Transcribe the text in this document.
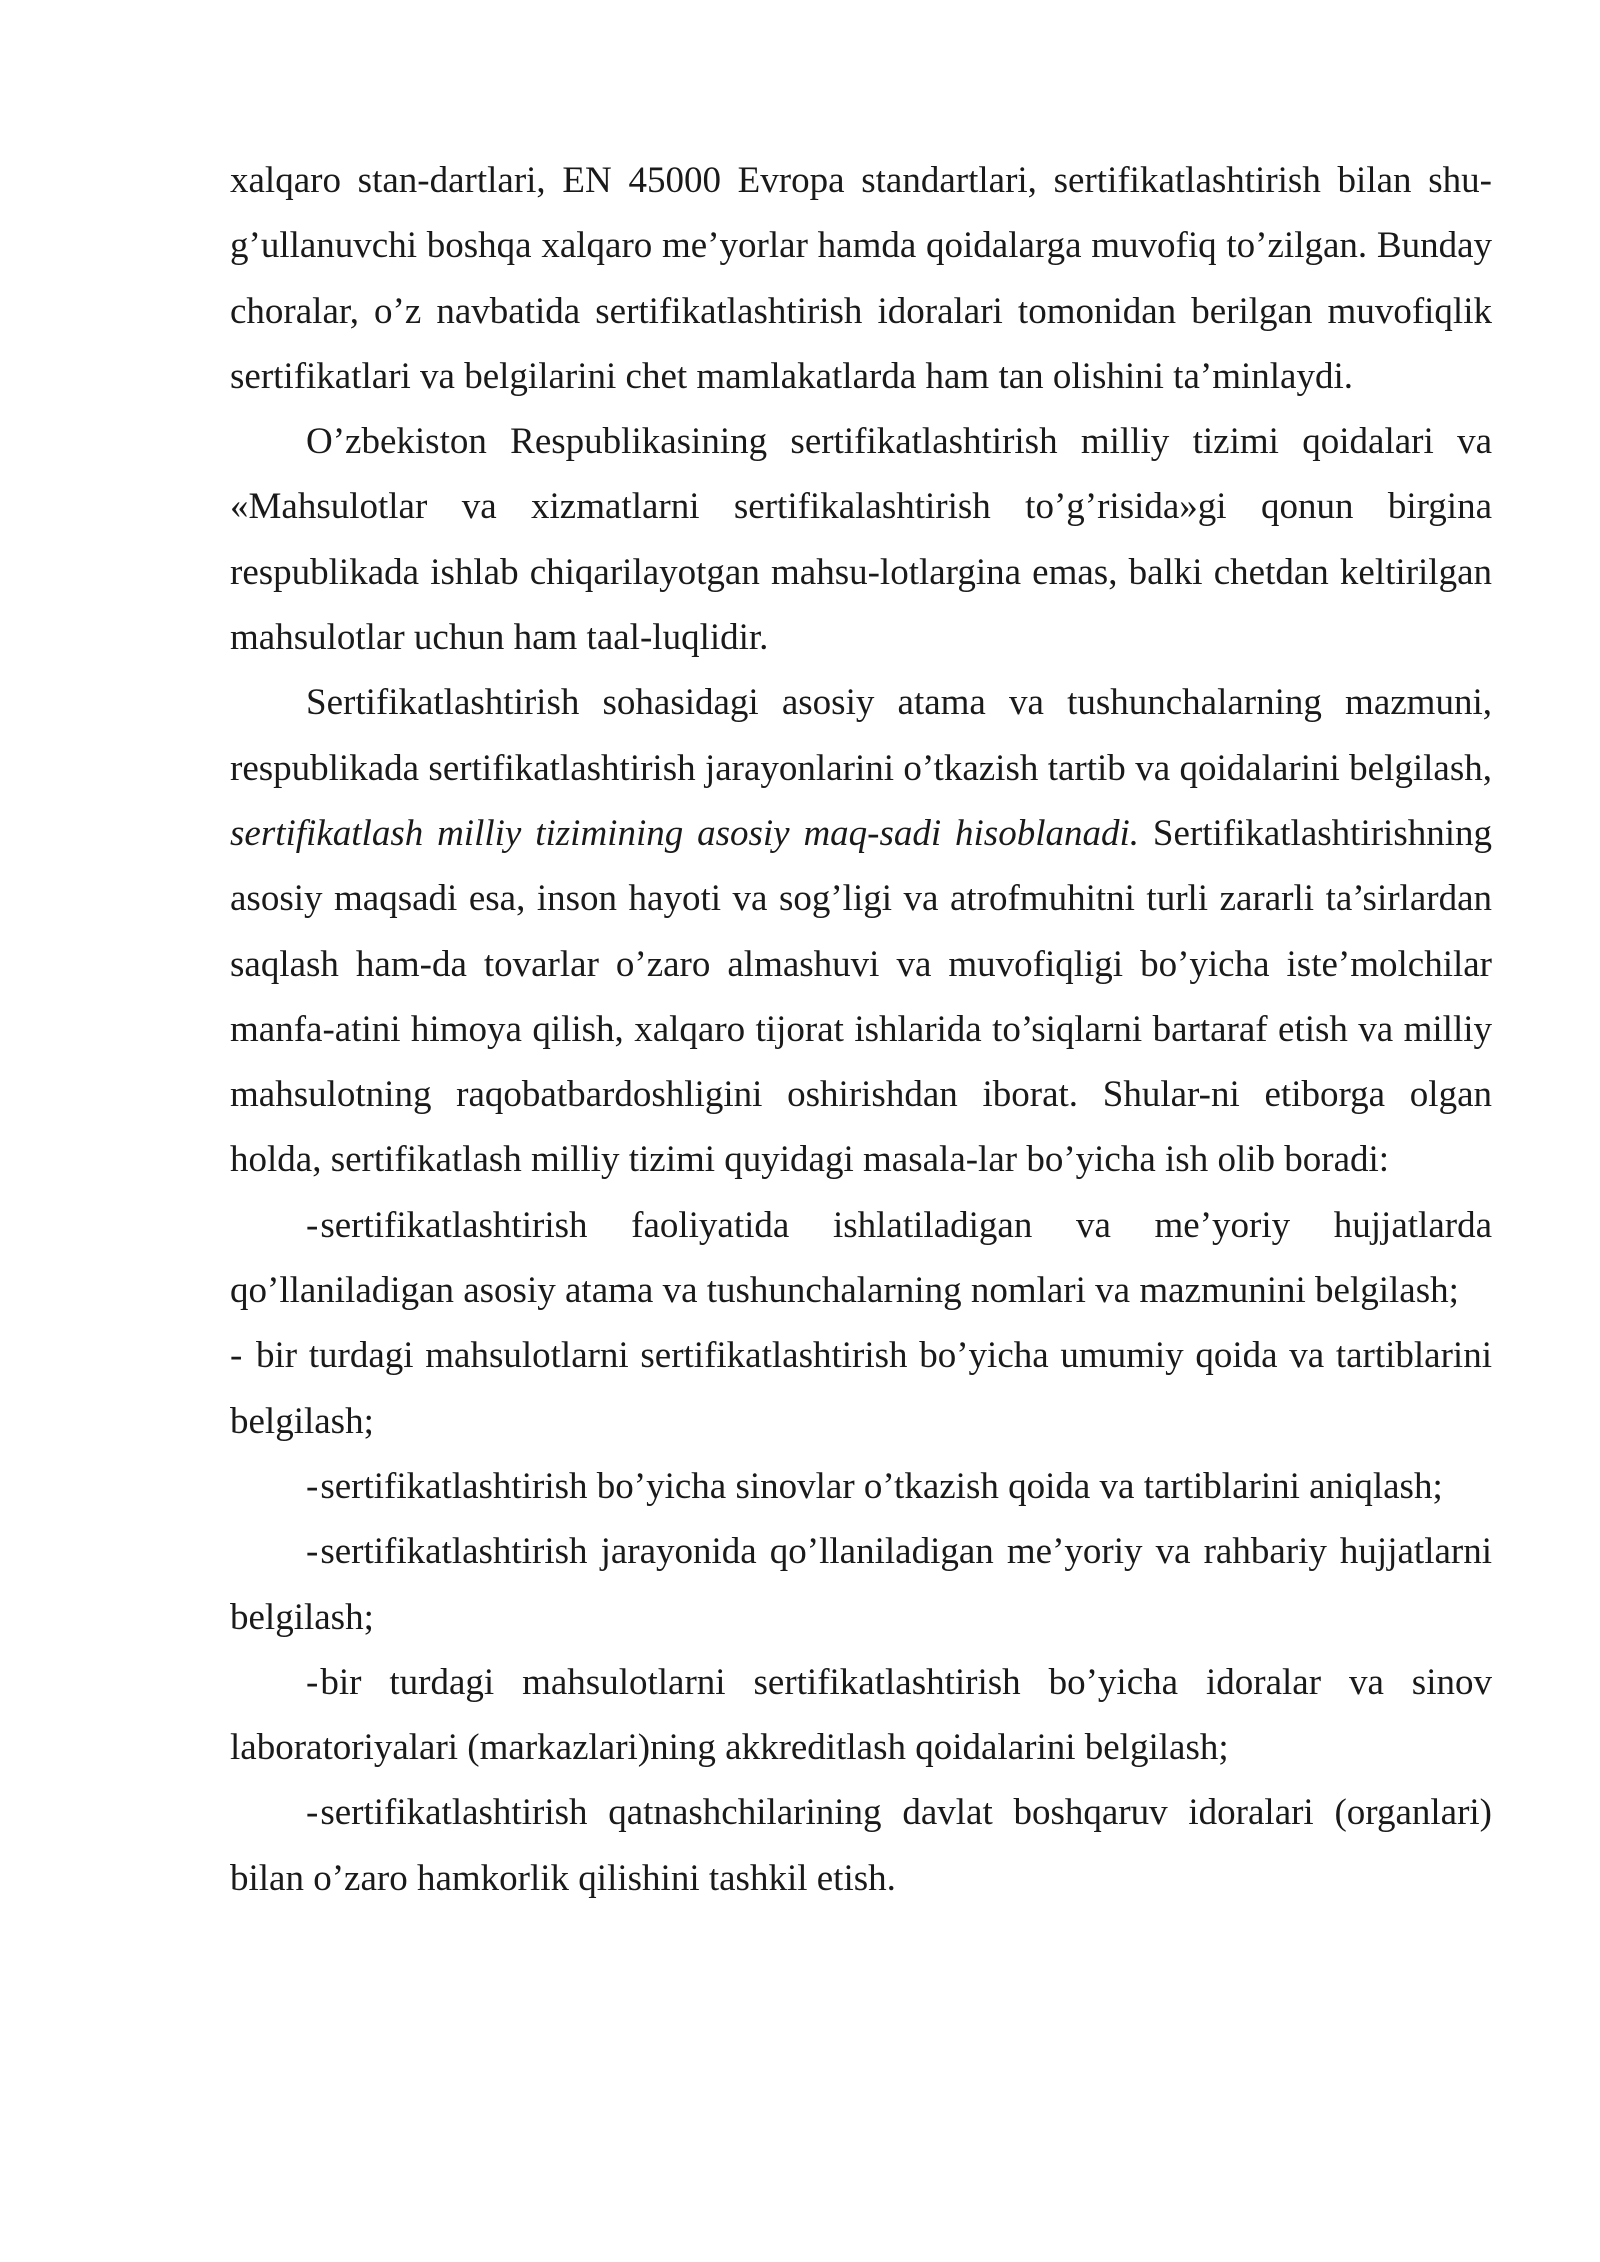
xalqaro stan-dartlari, EN 45000 Evropa standartlari, sertifikatlashtirish bilan shu-g’ullanuvchi boshqa xalqaro me’yorlar hamda qoidalarga muvofiq to’zilgan. Bunday choralar, o’z navbatida sertifikatlashtirish idoralari tomonidan berilgan muvofiqlik sertifikatlari va belgilarini chet mamlakatlarda ham tan olishini ta’minlaydi.

O’zbekiston Respublikasining sertifikatlashtirish milliy tizimi qoidalari va «Mahsulotlar va xizmatlarni sertifikalashtirish to’g’risida»gi qonun birgina respublikada ishlab chiqarilayotgan mahsu-lotlargina emas, balki chetdan keltirilgan mahsulotlar uchun ham taal-luqlidir.

Sertifikatlashtirish sohasidagi asosiy atama va tushunchalarning mazmuni, respublikada sertifikatlashtirish jarayonlarini o’tkazish tartib va qoidalarini belgilash, sertifikatlash milliy tizimining asosiy maq-sadi hisoblanadi. Sertifikatlashtirishning asosiy maqsadi esa, inson hayoti va sog’ligi va atrofmuhitni turli zararli ta’sirlardan saqlash ham-da tovarlar o’zaro almashuvi va muvofiqligi bo’yicha iste’molchilar manfa-atini himoya qilish, xalqaro tijorat ishlarida to’siqlarni bartaraf etish va milliy mahsulotning raqobatbardoshligini oshirishdan iborat. Shular-ni etiborga olgan holda, sertifikatlash milliy tizimi quyidagi masala-lar bo’yicha ish olib boradi:

-sertifikatlashtirish faoliyatida ishlatiladigan va me’yoriy hujjatlarda qo’llaniladigan asosiy atama va tushunchalarning nomlari va mazmunini belgilash;

- bir turdagi mahsulotlarni sertifikatlashtirish bo’yicha umumiy qoida va tartiblarini belgilash;

-sertifikatlashtirish bo’yicha sinovlar o’tkazish qoida va tartiblarini aniqlash;

-sertifikatlashtirish jarayonida qo’llaniladigan me’yoriy va rahbariy hujjatlarni belgilash;

-bir turdagi mahsulotlarni sertifikatlashtirish bo’yicha idoralar va sinov laboratoriyalari (markazlari)ning akkreditlash qoidalarini belgilash;

-sertifikatlashtirish qatnashchilarining davlat boshqaruv idoralari (organlari) bilan o’zaro hamkorlik qilishini tashkil etish.
